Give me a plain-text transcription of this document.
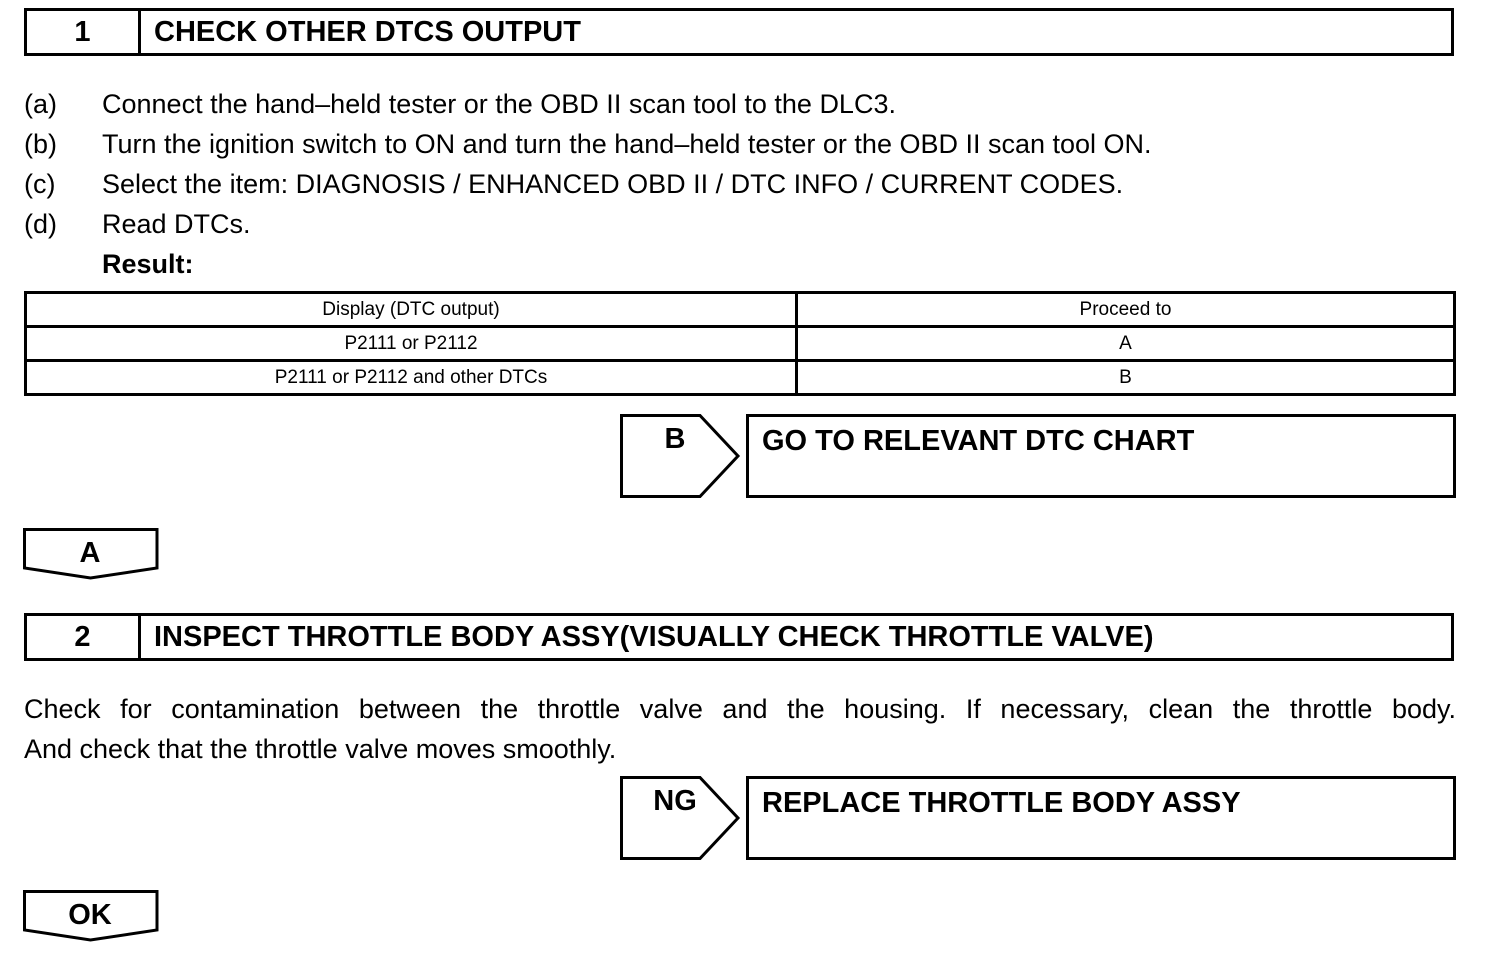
1	CHECK OTHER DTCS OUTPUT
(a)	Connect the hand–held tester or the OBD II scan tool to the DLC3.
(b)	Turn the ignition switch to ON and turn the hand–held tester or the OBD II scan tool ON.
(c)	Select the item: DIAGNOSIS / ENHANCED OBD II / DTC INFO / CURRENT CODES.
(d)	Read DTCs.
Result:
Display (DTC output)	Proceed to
P2111 or P2112	A
P2111 or P2112 and other DTCs	B
B	GO TO RELEVANT DTC CHART
A
2	INSPECT THROTTLE BODY ASSY(VISUALLY CHECK THROTTLE VALVE)

Check for contamination between the throttle valve and the housing. If necessary, clean the throttle body.

And check that the throttle valve moves smoothly.

NG	REPLACE THROTTLE BODY ASSY
OK
